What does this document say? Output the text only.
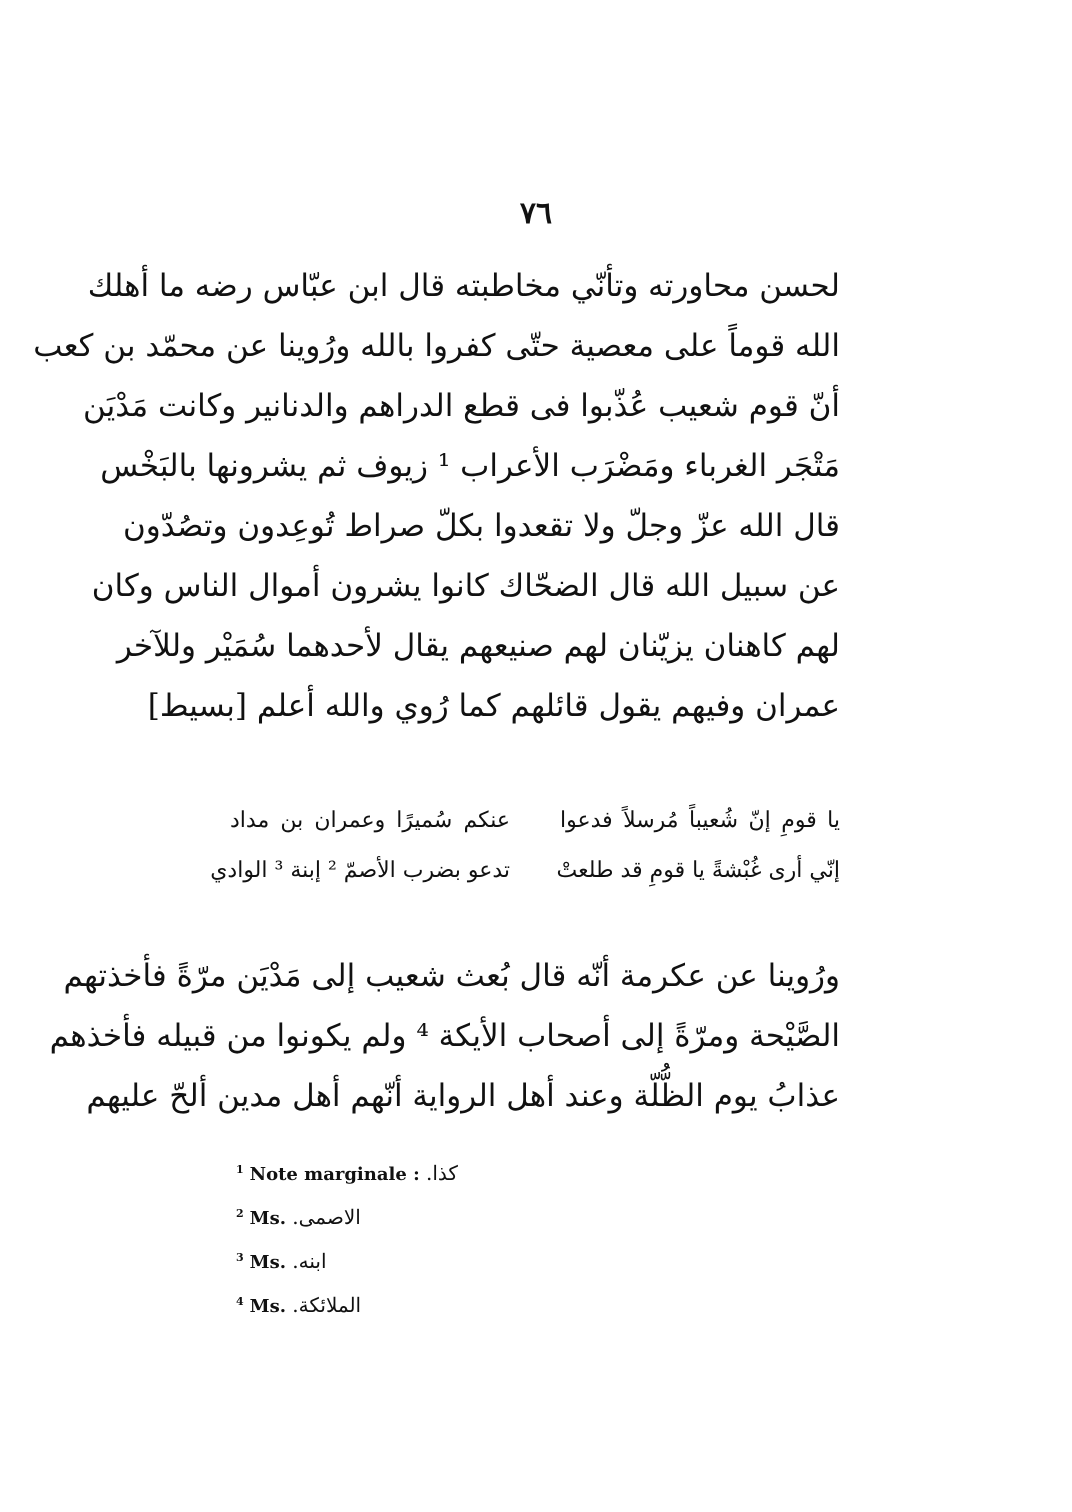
٧٦
لحسن محاورته وتأنّي مخاطبته قال ابن عبّاس رضه ما أهلك
الله قوماً على معصية حتّى كفروا بالله ورُوينا عن محمّد بن كعب
أنّ قوم شعيب عُذّبوا فى قطع الدراهم والدنانير وكانت مَدْيَن
مَتْجَر الغرباء ومَضْرَب الأعراب ¹ زيوف ثم يشرونها بالبَخْس
قال الله عزّ وجلّ ولا تقعدوا بكلّ صراط تُوعِدون وتصُدّون
عن سبيل الله قال الضحّاك كانوا يشرون أموال الناس وكان
لهم كاهنان يزيّنان لهم صنيعهم يقال لأحدهما سُمَيْر وللآخر
عمران وفيهم يقول قائلهم كما رُوي والله أعلم [بسيط]
يا قومِ إنّ شُعيباً مُرسلاً فدعوا
عنكم سُميرًا وعمران بن مداد
إنّي أرى غُبْشةً يا قومِ قد طلعتْ
تدعو بضرب الأصمّ ² إبنة ³ الوادي
ورُوينا عن عكرمة أنّه قال بُعث شعيب إلى مَدْيَن مرّةً فأخذتهم
الصَّيْحة ومرّةً إلى أصحاب الأيكة ⁴ ولم يكونوا من قبيله فأخذهم
عذابُ يوم الظُّلّة وعند أهل الرواية أنّهم أهل مدين ألحّ عليهم
$^1$ Note marginale : كذا.
$^2$ Ms. الاصمى.
$^3$ Ms. ابنه.
$^4$ Ms. الملائكة.
